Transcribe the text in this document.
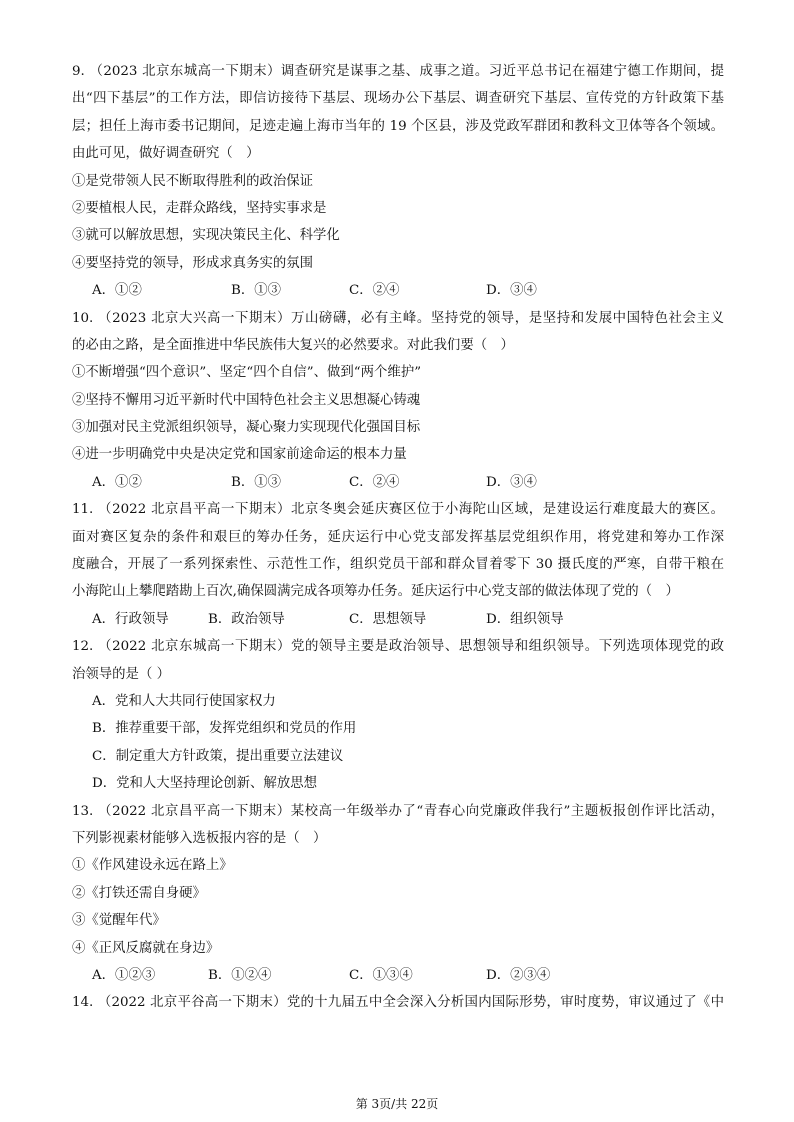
9. （2023 北京东城高一下期末）调查研究是谋事之基、成事之道。习近平总书记在福建宁德工作期间，提
出“四下基层”的工作方法，即信访接待下基层、现场办公下基层、调查研究下基层、宣传党的方针政策下基
层；担任上海市委书记期间，足迹走遍上海市当年的 19 个区县，涉及党政军群团和教科文卫体等各个领域。
由此可见，做好调查研究（　）
①是党带领人民不断取得胜利的政治保证
②要植根人民，走群众路线，坚持实事求是
③就可以解放思想，实现决策民主化、科学化
④要坚持党的领导，形成求真务实的氛围
A．①②	B．①③	C．②④	D．③④
10. （2023 北京大兴高一下期末）万山磅礴，必有主峰。坚持党的领导，是坚持和发展中国特色社会主义
的必由之路，是全面推进中华民族伟大复兴的必然要求。对此我们要（　）
①不断增强“四个意识”、坚定“四个自信”、做到“两个维护”
②坚持不懈用习近平新时代中国特色社会主义思想凝心铸魂
③加强对民主党派组织领导，凝心聚力实现现代化强国目标
④进一步明确党中央是决定党和国家前途命运的根本力量
A．①②	B．①③	C．②④	D．③④
11. （2022 北京昌平高一下期末）北京冬奥会延庆赛区位于小海陀山区域，是建设运行难度最大的赛区。
面对赛区复杂的条件和艰巨的筹办任务，延庆运行中心党支部发挥基层党组织作用，将党建和筹办工作深
度融合，开展了一系列探索性、示范性工作，组织党员干部和群众冒着零下 30 摄氏度的严寒，自带干粮在
小海陀山上攀爬踏勘上百次,确保圆满完成各项筹办任务。延庆运行中心党支部的做法体现了党的（　）
A．行政领导	B．政治领导	C．思想领导	D．组织领导
12. （2022 北京东城高一下期末）党的领导主要是政治领导、思想领导和组织领导。下列选项体现党的政
治领导的是（ ）
A．党和人大共同行使国家权力
B．推荐重要干部，发挥党组织和党员的作用
C．制定重大方针政策，提出重要立法建议
D．党和人大坚持理论创新、解放思想
13. （2022 北京昌平高一下期末）某校高一年级举办了“青春心向党廉政伴我行”主题板报创作评比活动，
下列影视素材能够入选板报内容的是（　）
①《作风建设永远在路上》
②《打铁还需自身硬》
③《觉醒年代》
④《正风反腐就在身边》
A．①②③	B．①②④	C．①③④	D．②③④
14. （2022 北京平谷高一下期末）党的十九届五中全会深入分析国内国际形势，审时度势，审议通过了《中
第 3页/共 22页
